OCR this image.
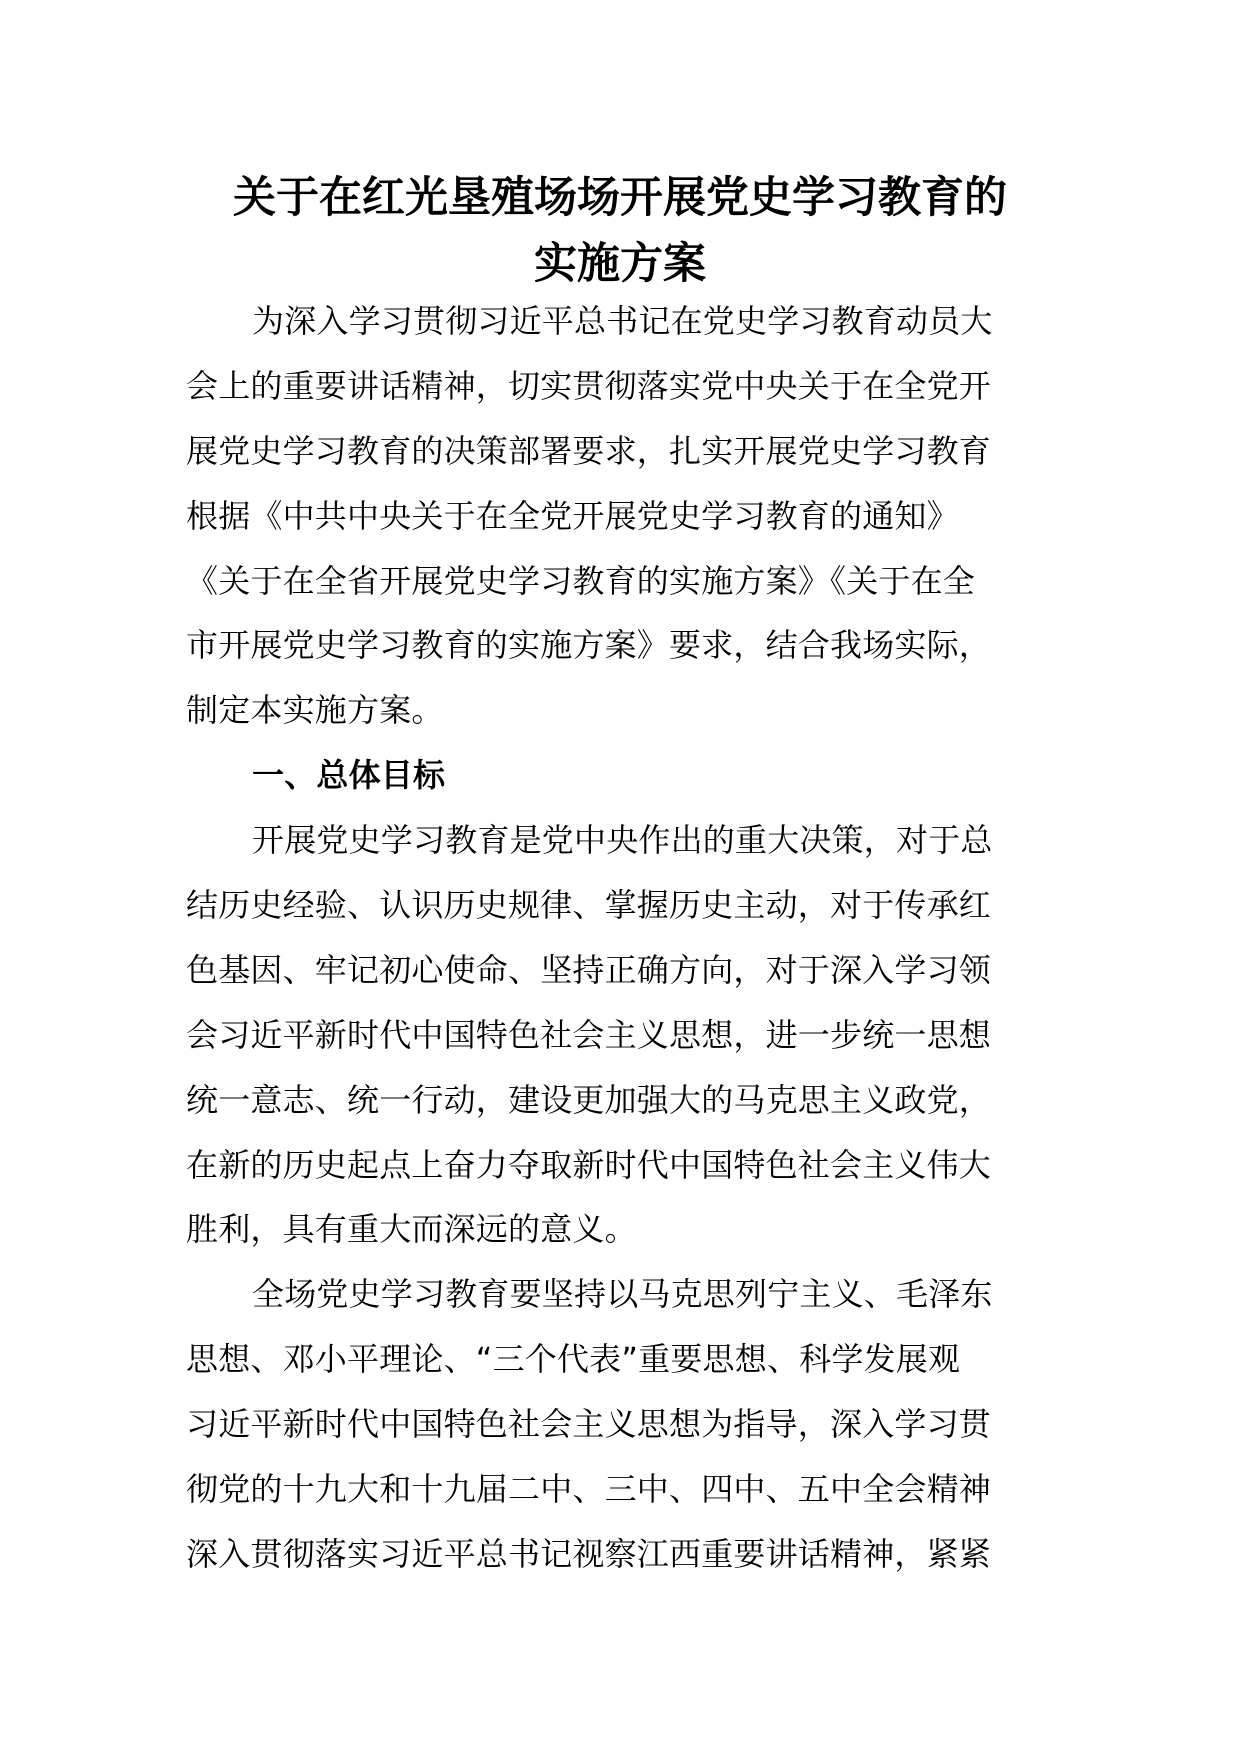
关于在红光垦殖场场开展党史学习教育的
实施方案
为深入学习贯彻习近平总书记在党史学习教育动员大
会上的重要讲话精神，切实贯彻落实党中央关于在全党开
展党史学习教育的决策部署要求，扎实开展党史学习教育
根据《中共中央关于在全党开展党史学习教育的通知》
《关于在全省开展党史学习教育的实施方案》《关于在全
市开展党史学习教育的实施方案》要求，结合我场实际，
制定本实施方案。
一、总体目标
开展党史学习教育是党中央作出的重大决策，对于总
结历史经验、认识历史规律、掌握历史主动，对于传承红
色基因、牢记初心使命、坚持正确方向，对于深入学习领
会习近平新时代中国特色社会主义思想，进一步统一思想
统一意志、统一行动，建设更加强大的马克思主义政党，
在新的历史起点上奋力夺取新时代中国特色社会主义伟大
胜利，具有重大而深远的意义。
全场党史学习教育要坚持以马克思列宁主义、毛泽东
思想、邓小平理论、“三个代表”重要思想、科学发展观
习近平新时代中国特色社会主义思想为指导，深入学习贯
彻党的十九大和十九届二中、三中、四中、五中全会精神
深入贯彻落实习近平总书记视察江西重要讲话精神，紧紧
